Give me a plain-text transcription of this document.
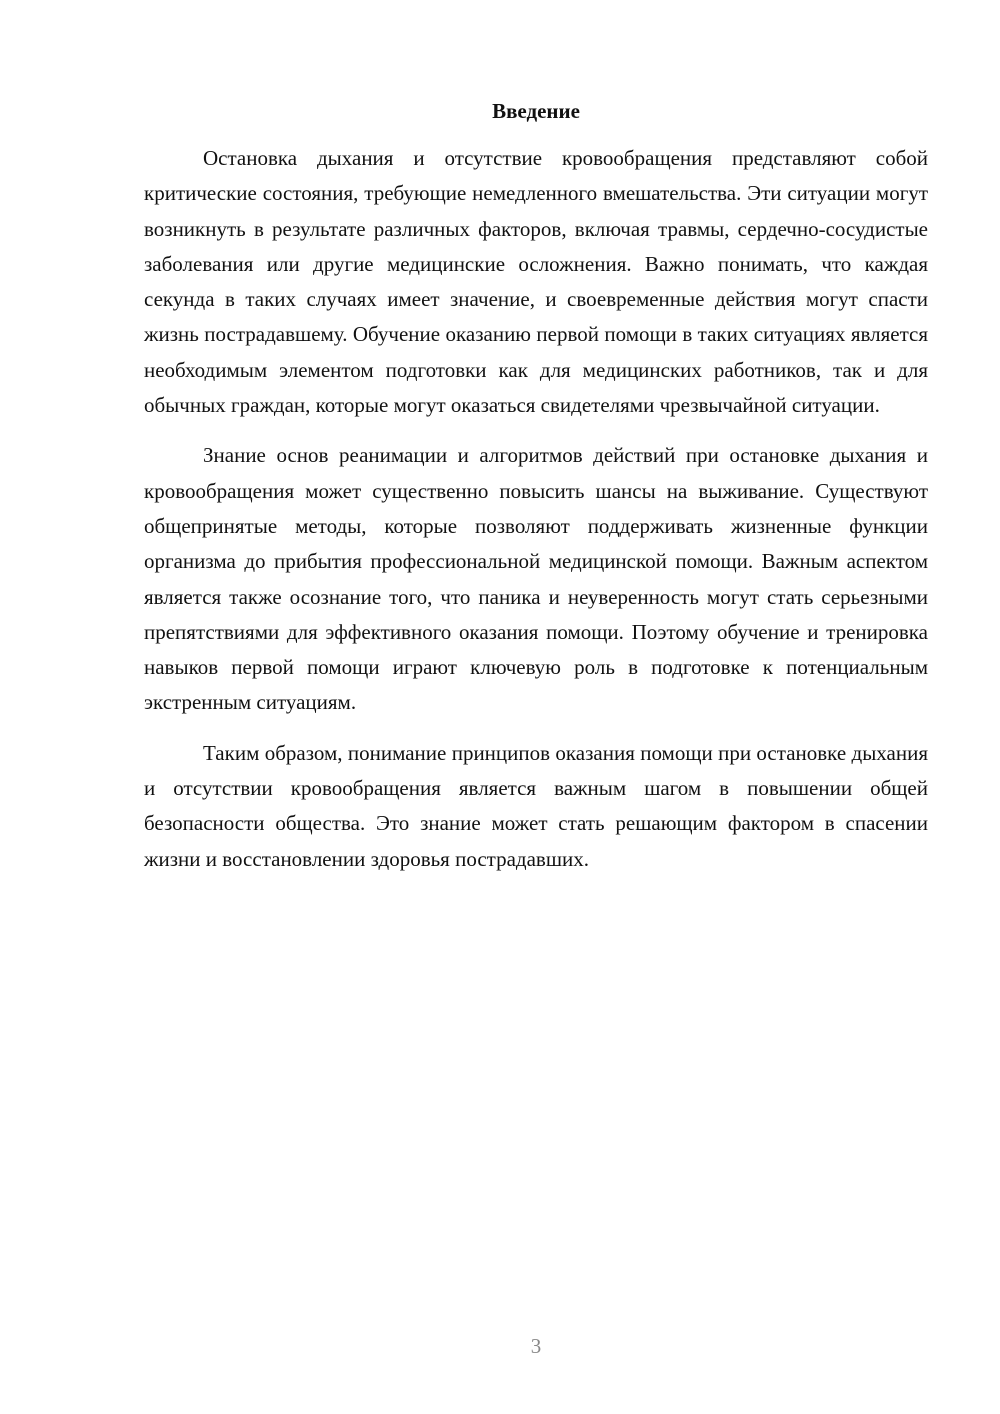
Введение

Остановка дыхания и отсутствие кровообращения представляют собой критические состояния, требующие немедленного вмешательства. Эти ситуации могут возникнуть в результате различных факторов, включая травмы, сердечно-сосудистые заболевания или другие медицинские осложнения. Важно понимать, что каждая секунда в таких случаях имеет значение, и своевременные действия могут спасти жизнь пострадавшему. Обучение оказанию первой помощи в таких ситуациях является необходимым элементом подготовки как для медицинских работников, так и для обычных граждан, которые могут оказаться свидетелями чрезвычайной ситуации.

Знание основ реанимации и алгоритмов действий при остановке дыхания и кровообращения может существенно повысить шансы на выживание. Существуют общепринятые методы, которые позволяют поддерживать жизненные функции организма до прибытия профессиональной медицинской помощи. Важным аспектом является также осознание того, что паника и неуверенность могут стать серьезными препятствиями для эффективного оказания помощи. Поэтому обучение и тренировка навыков первой помощи играют ключевую роль в подготовке к потенциальным экстренным ситуациям.

Таким образом, понимание принципов оказания помощи при остановке дыхания и отсутствии кровообращения является важным шагом в повышении общей безопасности общества. Это знание может стать решающим фактором в спасении жизни и восстановлении здоровья пострадавших.

3
